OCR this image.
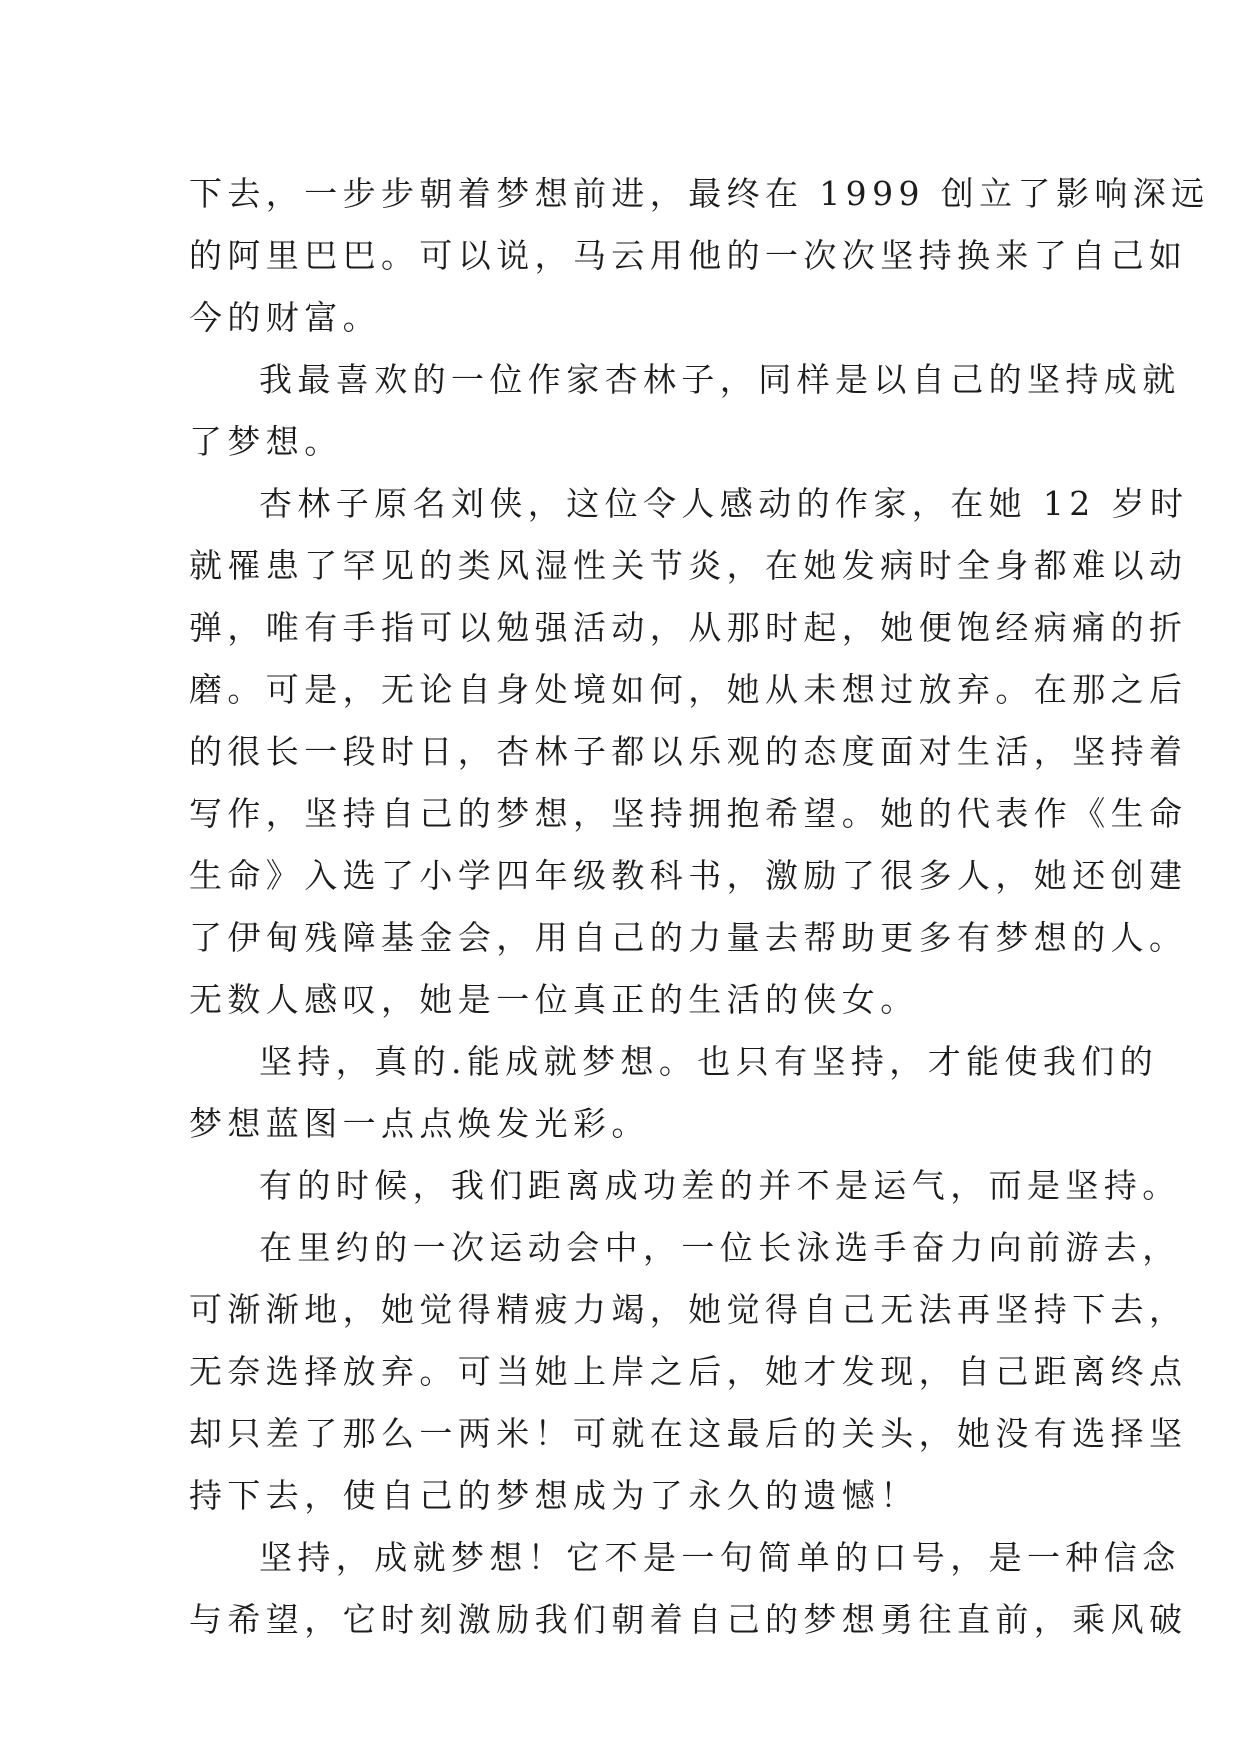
下去，一步步朝着梦想前进，最终在 1999 创立了影响深远
的阿里巴巴。可以说，马云用他的一次次坚持换来了自己如
今的财富。
我最喜欢的一位作家杏林子，同样是以自己的坚持成就
了梦想。
杏林子原名刘侠，这位令人感动的作家，在她 12 岁时
就罹患了罕见的类风湿性关节炎，在她发病时全身都难以动
弹，唯有手指可以勉强活动，从那时起，她便饱经病痛的折
磨。可是，无论自身处境如何，她从未想过放弃。在那之后
的很长一段时日，杏林子都以乐观的态度面对生活，坚持着
写作，坚持自己的梦想，坚持拥抱希望。她的代表作《生命
生命》入选了小学四年级教科书，激励了很多人，她还创建
了伊甸残障基金会，用自己的力量去帮助更多有梦想的人。
无数人感叹，她是一位真正的生活的侠女。
坚持，真的.能成就梦想。也只有坚持，才能使我们的
梦想蓝图一点点焕发光彩。
有的时候，我们距离成功差的并不是运气，而是坚持。
在里约的一次运动会中，一位长泳选手奋力向前游去，
可渐渐地，她觉得精疲力竭，她觉得自己无法再坚持下去，
无奈选择放弃。可当她上岸之后，她才发现，自己距离终点
却只差了那么一两米！可就在这最后的关头，她没有选择坚
持下去，使自己的梦想成为了永久的遗憾！
坚持，成就梦想！它不是一句简单的口号，是一种信念
与希望，它时刻激励我们朝着自己的梦想勇往直前，乘风破
